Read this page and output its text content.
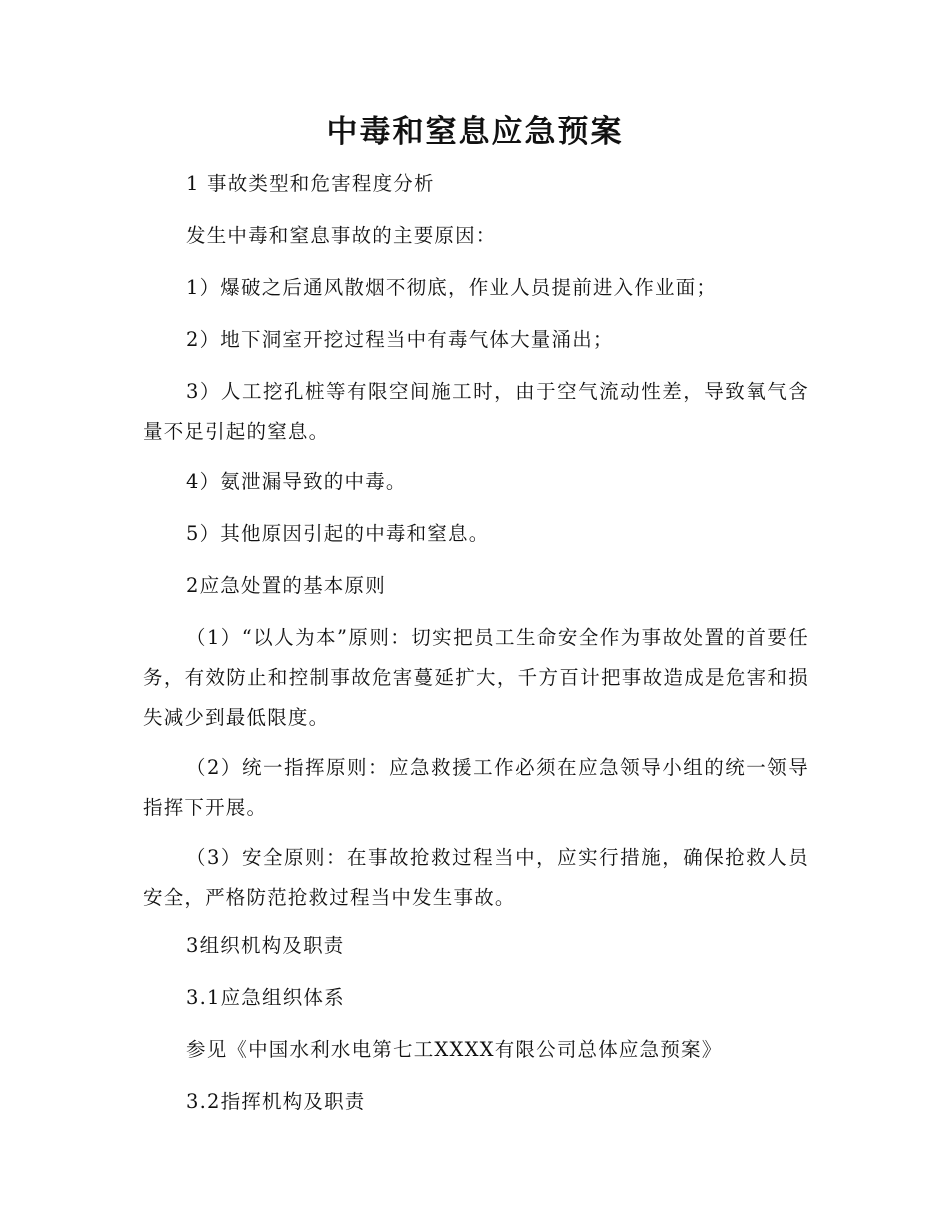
中毒和窒息应急预案

1 事故类型和危害程度分析

发生中毒和窒息事故的主要原因：

1）爆破之后通风散烟不彻底，作业人员提前进入作业面；

2）地下洞室开挖过程当中有毒气体大量涌出；

3）人工挖孔桩等有限空间施工时，由于空气流动性差，导致氧气含量不足引起的窒息。

4）氨泄漏导致的中毒。

5）其他原因引起的中毒和窒息。

2应急处置的基本原则

（1）“以人为本”原则：切实把员工生命安全作为事故处置的首要任务，有效防止和控制事故危害蔓延扩大，千方百计把事故造成是危害和损失减少到最低限度。

（2）统一指挥原则：应急救援工作必须在应急领导小组的统一领导指挥下开展。

（3）安全原则：在事故抢救过程当中，应实行措施，确保抢救人员安全，严格防范抢救过程当中发生事故。

3组织机构及职责

3.1应急组织体系

参见《中国水利水电第七工XXXX有限公司总体应急预案》

3.2指挥机构及职责
